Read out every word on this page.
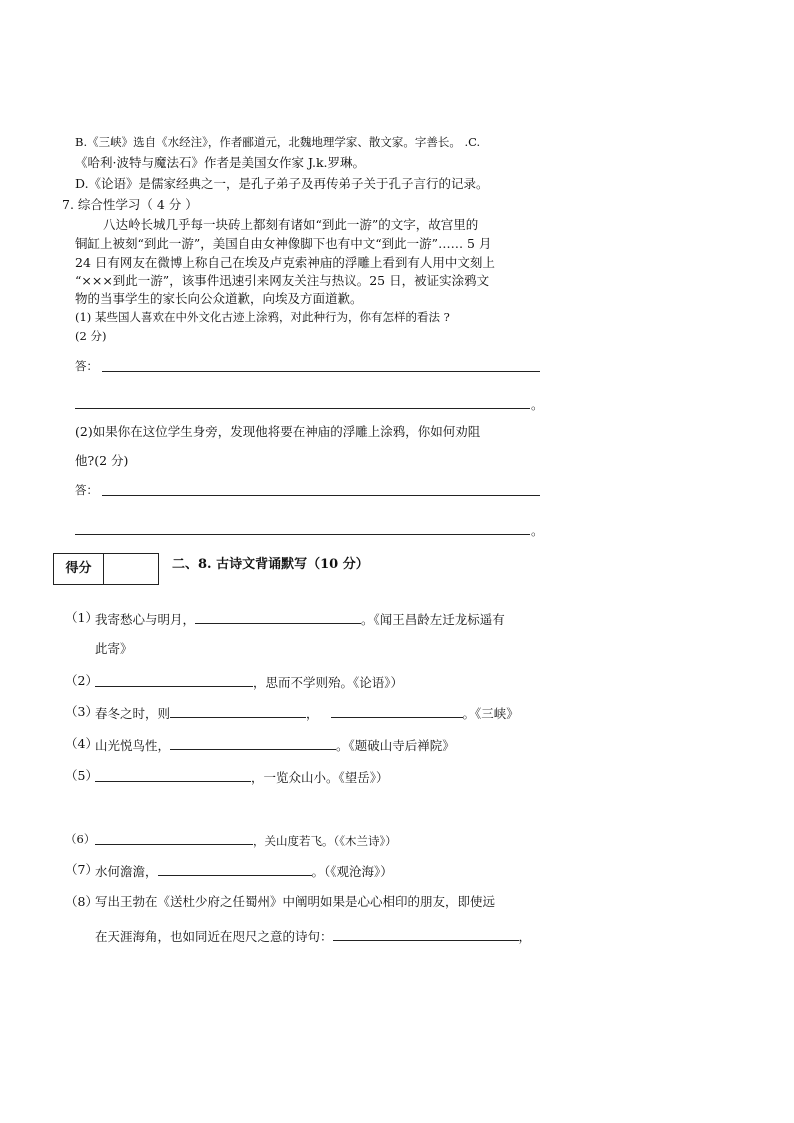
B.《三峡》选自《水经注》，作者郦道元，北魏地理学家、散文家。字善长。 .C.
《哈利·波特与魔法石》作者是美国女作家 J.k.罗琳。
D.《论语》是儒家经典之一，是孔子弟子及再传弟子关于孔子言行的记录。
7. 综合性学习（ 4 分 ）
八达岭长城几乎每一块砖上都刻有诸如“到此一游”的文字，故宫里的
铜缸上被刻“到此一游”，美国自由女神像脚下也有中文“到此一游”…… 5 月
24 日有网友在微博上称自己在埃及卢克索神庙的浮雕上看到有人用中文刻上
“×××到此一游”，该事件迅速引来网友关注与热议。25 日，被证实涂鸦文
物的当事学生的家长向公众道歉，向埃及方面道歉。
(1) 某些国人喜欢在中外文化古迹上涂鸦，对此种行为，你有怎样的看法 ?
(2 分)
答：
。
(2)如果你在这位学生身旁，发现他将要在神庙的浮雕上涂鸦，你如何劝阻
他?(2 分)
答：
。
得分	二、8. 古诗文背诵默写（10 分）
（1）
我寄愁心与明月，	。《闻王昌龄左迁龙标遥有
此寄》
（2）	，思而不学则殆。《论语》）
（3）
春冬之时，则	，	。《三峡》
（4）
山光悦鸟性，	。《题破山寺后禅院》
（5）	，一览众山小。《望岳》）
（6）	，关山度若飞。（《木兰诗》）
（7）
水何澹澹，	。（《观沧海》）
（8）
写出王勃在《送杜少府之任蜀州》中阐明如果是心心相印的朋友，即使远
在天涯海角，也如同近在咫尺之意的诗句：	，
